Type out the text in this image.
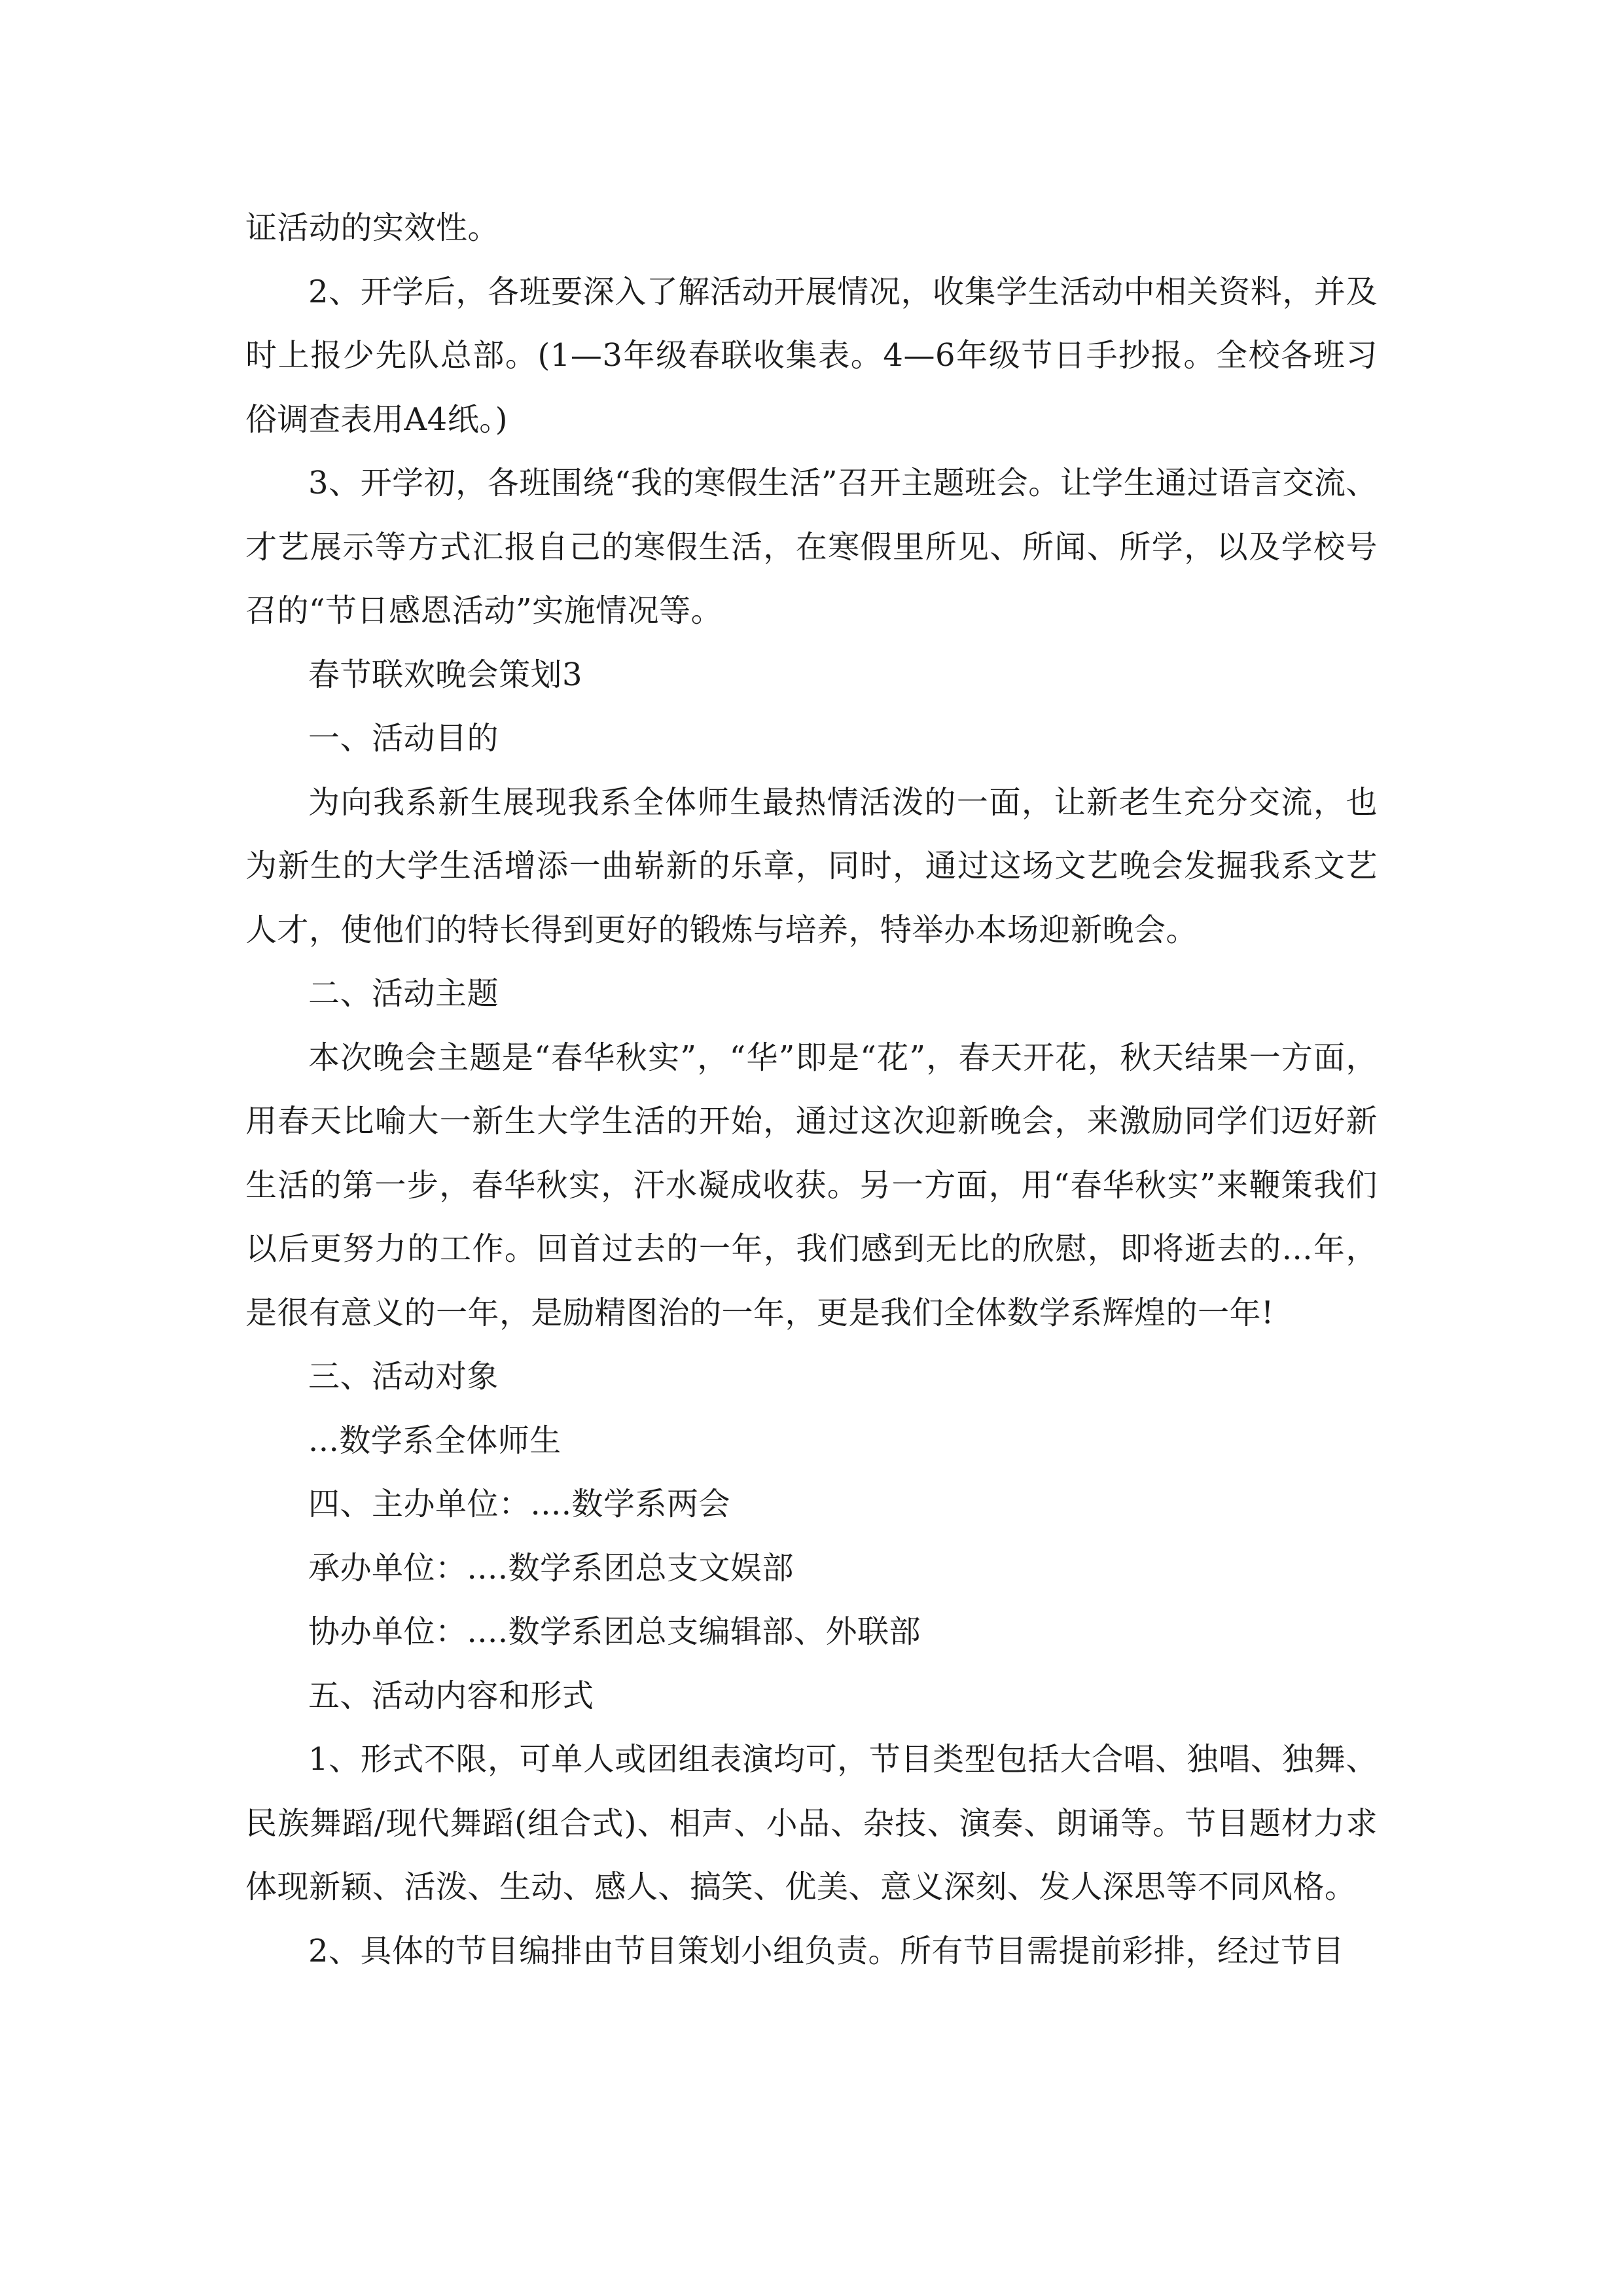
证活动的实效性。

2、开学后，各班要深入了解活动开展情况，收集学生活动中相关资料，并及时上报少先队总部。(1—3年级春联收集表。4—6年级节日手抄报。全校各班习俗调查表用A4纸。)

3、开学初，各班围绕“我的寒假生活”召开主题班会。让学生通过语言交流、才艺展示等方式汇报自己的寒假生活，在寒假里所见、所闻、所学，以及学校号召的“节日感恩活动”实施情况等。

春节联欢晚会策划3

一、活动目的

为向我系新生展现我系全体师生最热情活泼的一面，让新老生充分交流，也为新生的大学生活增添一曲崭新的乐章，同时，通过这场文艺晚会发掘我系文艺人才，使他们的特长得到更好的锻炼与培养，特举办本场迎新晚会。

二、活动主题

本次晚会主题是“春华秋实”，“华”即是“花”，春天开花，秋天结果一方面，用春天比喻大一新生大学生活的开始，通过这次迎新晚会，来激励同学们迈好新生活的第一步，春华秋实，汗水凝成收获。另一方面，用“春华秋实”来鞭策我们以后更努力的工作。回首过去的一年，我们感到无比的欣慰，即将逝去的...年，是很有意义的一年，是励精图治的一年，更是我们全体数学系辉煌的一年!

三、活动对象

...数学系全体师生

四、主办单位：....数学系两会

承办单位：....数学系团总支文娱部

协办单位：....数学系团总支编辑部、外联部

五、活动内容和形式

1、形式不限，可单人或团组表演均可，节目类型包括大合唱、独唱、独舞、民族舞蹈/现代舞蹈(组合式)、相声、小品、杂技、演奏、朗诵等。节目题材力求体现新颖、活泼、生动、感人、搞笑、优美、意义深刻、发人深思等不同风格。

2、具体的节目编排由节目策划小组负责。所有节目需提前彩排，经过节目
